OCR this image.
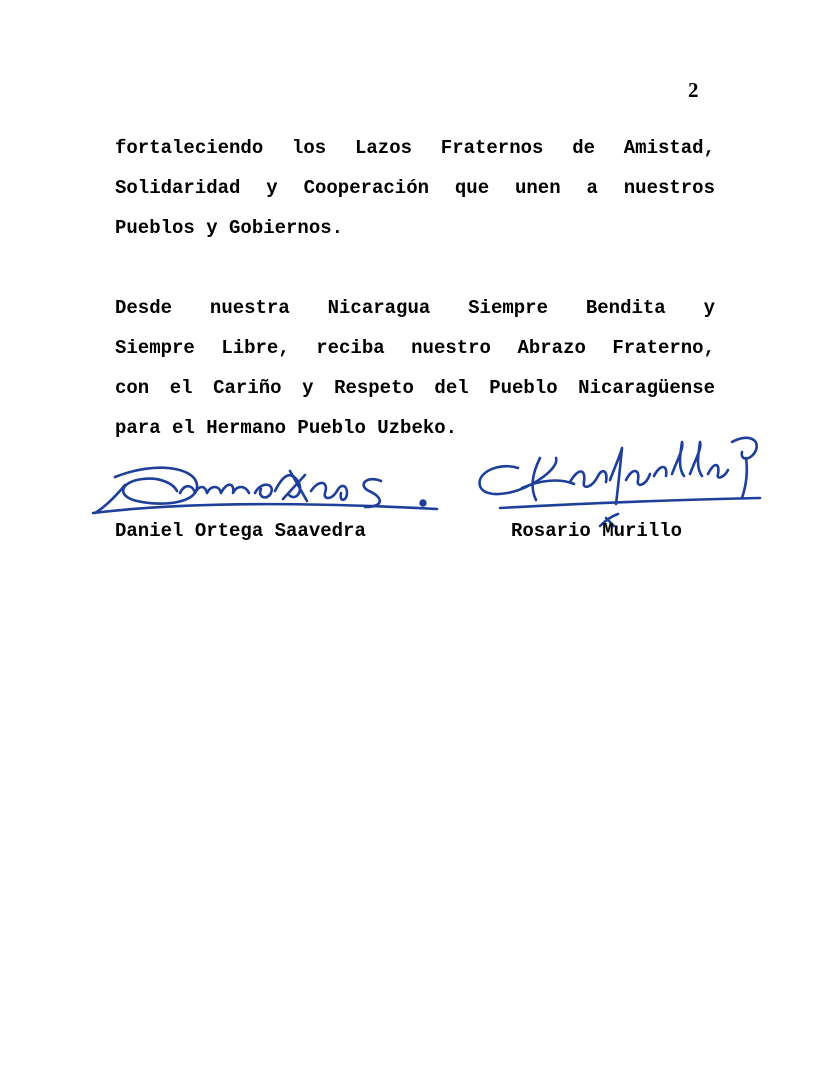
2
fortaleciendo los Lazos Fraternos de Amistad,
Solidaridad y Cooperación que unen a nuestros
Pueblos y Gobiernos.
Desde nuestra Nicaragua Siempre Bendita y
Siempre Libre, reciba nuestro Abrazo Fraterno,
con el Cariño y Respeto del Pueblo Nicaragüense
para el Hermano Pueblo Uzbeko.
Daniel Ortega Saavedra	Rosario Murillo
